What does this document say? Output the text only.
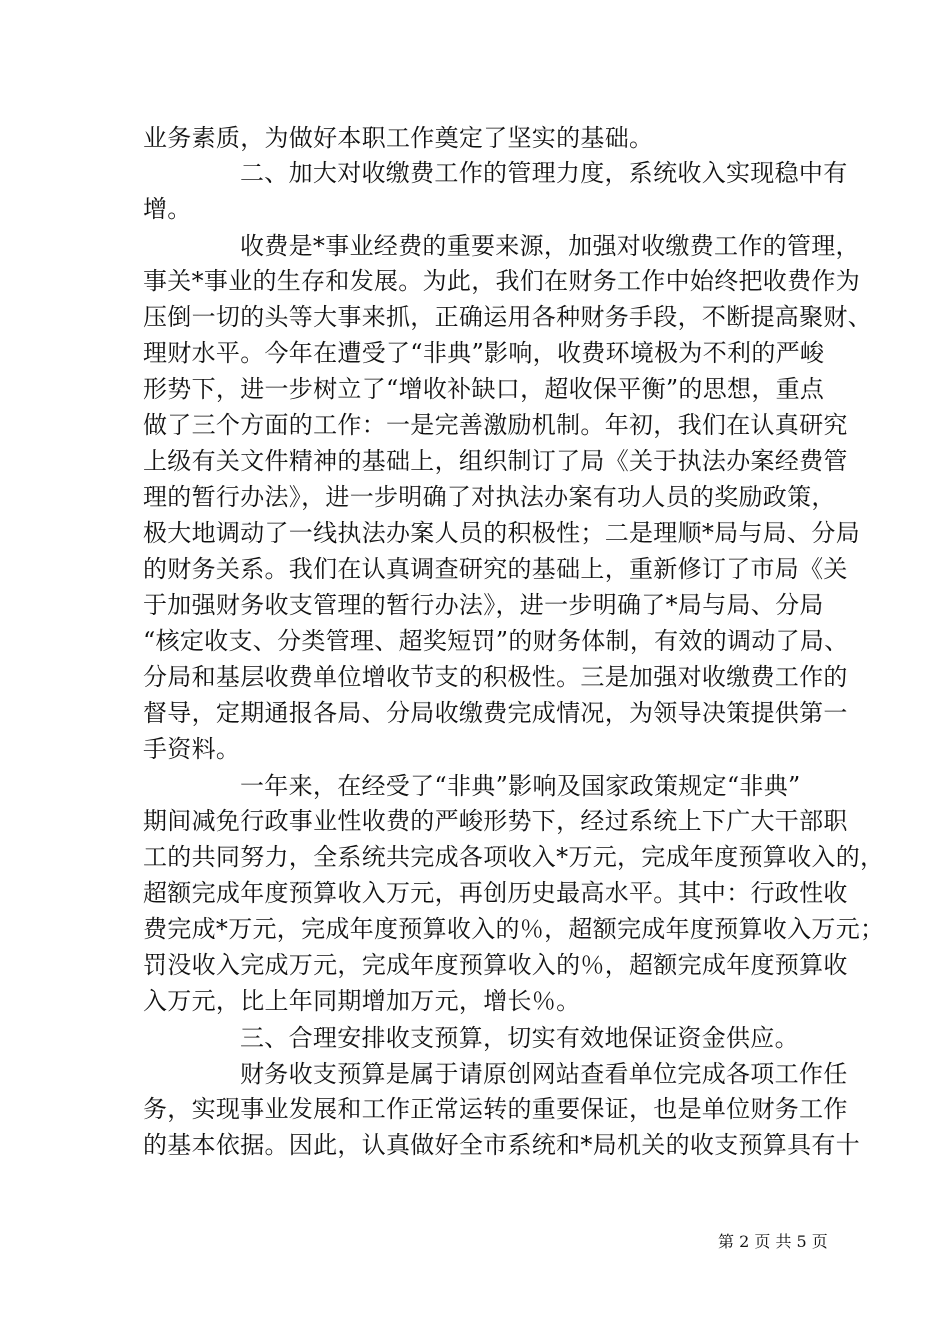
业务素质，为做好本职工作奠定了坚实的基础。
二、加大对收缴费工作的管理力度，系统收入实现稳中有
增。
收费是*事业经费的重要来源，加强对收缴费工作的管理，
事关*事业的生存和发展。为此，我们在财务工作中始终把收费作为
压倒一切的头等大事来抓，正确运用各种财务手段，不断提高聚财、
理财水平。今年在遭受了“非典”影响，收费环境极为不利的严峻
形势下，进一步树立了“增收补缺口，超收保平衡”的思想，重点
做了三个方面的工作：一是完善激励机制。年初，我们在认真研究
上级有关文件精神的基础上，组织制订了局《关于执法办案经费管
理的暂行办法》，进一步明确了对执法办案有功人员的奖励政策，
极大地调动了一线执法办案人员的积极性；二是理顺*局与局、分局
的财务关系。我们在认真调查研究的基础上，重新修订了市局《关
于加强财务收支管理的暂行办法》，进一步明确了*局与局、分局
“核定收支、分类管理、超奖短罚”的财务体制，有效的调动了局、
分局和基层收费单位增收节支的积极性。三是加强对收缴费工作的
督导，定期通报各局、分局收缴费完成情况，为领导决策提供第一
手资料。
一年来，在经受了“非典”影响及国家政策规定“非典”
期间减免行政事业性收费的严峻形势下，经过系统上下广大干部职
工的共同努力，全系统共完成各项收入*万元，完成年度预算收入的，
超额完成年度预算收入万元，再创历史最高水平。其中：行政性收
费完成*万元，完成年度预算收入的％，超额完成年度预算收入万元；
罚没收入完成万元，完成年度预算收入的％，超额完成年度预算收
入万元，比上年同期增加万元，增长％。
三、合理安排收支预算，切实有效地保证资金供应。
财务收支预算是属于请原创网站查看单位完成各项工作任
务，实现事业发展和工作正常运转的重要保证，也是单位财务工作
的基本依据。因此，认真做好全市系统和*局机关的收支预算具有十
第 2 页 共 5 页
